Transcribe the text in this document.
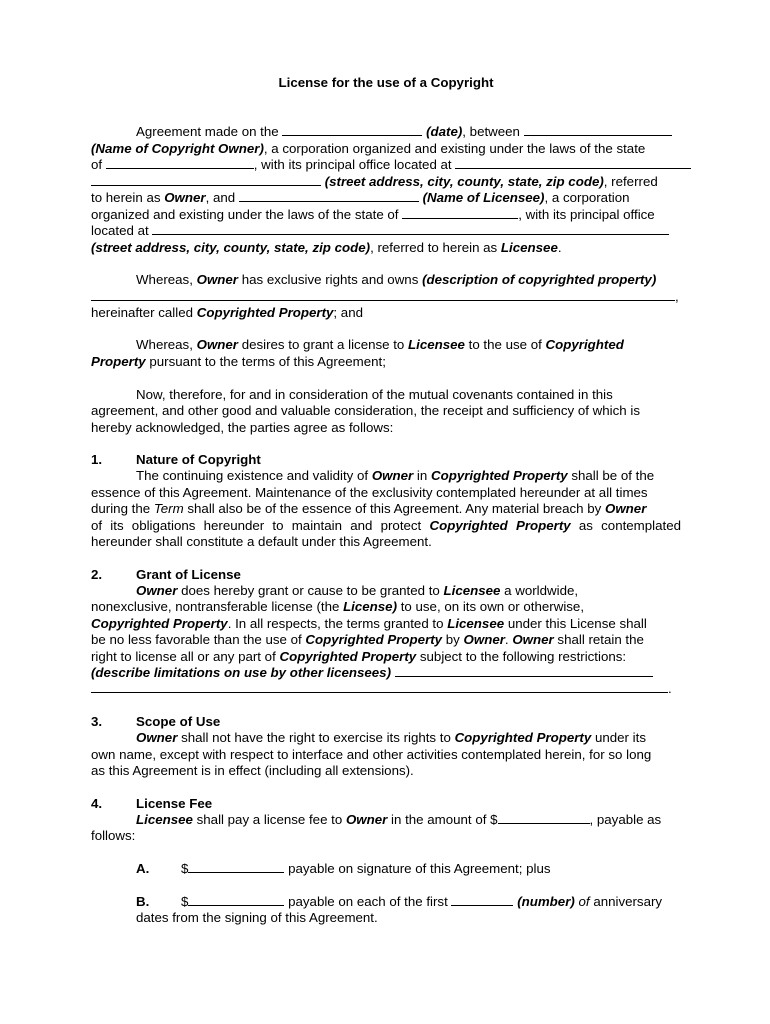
License for the use of a Copyright
Agreement made on the	(date), between
(Name of Copyright Owner), a corporation organized and existing under the laws of the state
of	, with its principal office located at
(street address, city, county, state, zip code), referred
to herein as Owner, and	(Name of Licensee), a corporation
organized and existing under the laws of the state of	, with its principal office
located at
(street address, city, county, state, zip code), referred to herein as Licensee.
Whereas, Owner has exclusive rights and owns (description of copyrighted property)
,
hereinafter called Copyrighted Property; and
Whereas, Owner desires to grant a license to Licensee to the use of Copyrighted
Property pursuant to the terms of this Agreement;
Now, therefore, for and in consideration of the mutual covenants contained in this
agreement, and other good and valuable consideration, the receipt and sufficiency of which is
hereby acknowledged, the parties agree as follows:
1.	Nature of Copyright
The continuing existence and validity of Owner in Copyrighted Property shall be of the
essence of this Agreement. Maintenance of the exclusivity contemplated hereunder at all times
during the Term shall also be of the essence of this Agreement. Any material breach by Owner
of its obligations hereunder to maintain and protect Copyrighted Property as contemplated
hereunder shall constitute a default under this Agreement.
2.	Grant of License
Owner does hereby grant or cause to be granted to Licensee a worldwide,
nonexclusive, nontransferable license (the License) to use, on its own or otherwise,
Copyrighted Property. In all respects, the terms granted to Licensee under this License shall
be no less favorable than the use of Copyrighted Property by Owner. Owner shall retain the
right to license all or any part of Copyrighted Property subject to the following restrictions:
(describe limitations on use by other licensees)
.
3.	Scope of Use
Owner shall not have the right to exercise its rights to Copyrighted Property under its
own name, except with respect to interface and other activities contemplated herein, for so long
as this Agreement is in effect (including all extensions).
4.	License Fee
Licensee shall pay a license fee to Owner in the amount of $	, payable as
follows:
A. $	payable on signature of this Agreement; plus
B. $	payable on each of the first	(number) of anniversary
dates from the signing of this Agreement.
